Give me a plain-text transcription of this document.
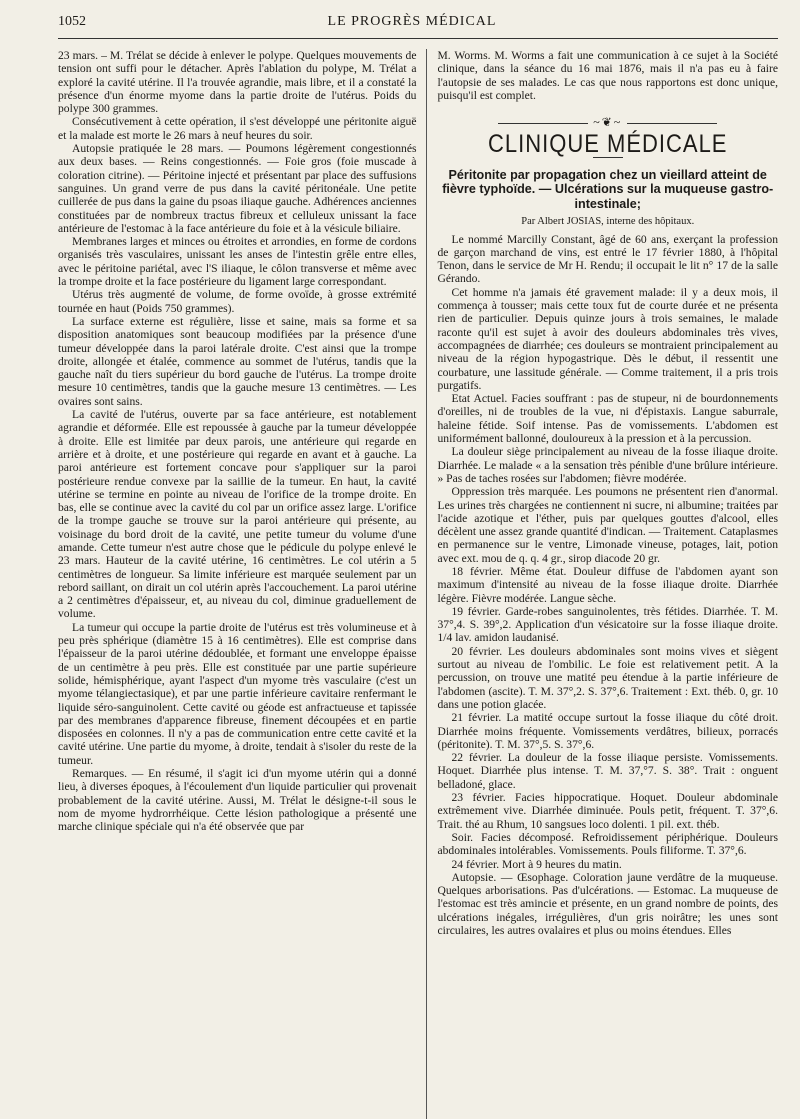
1052	LE PROGRÈS MÉDICAL

23 mars. – M. Trélat se décide à enlever le polype. Quelques mouvements de tension ont suffi pour le détacher. Après l'ablation du polype, M. Trélat a exploré la cavité utérine. Il l'a trouvée agrandie, mais libre, et il a constaté la présence d'un énorme myome dans la partie droite de l'utérus. Poids du polype 300 grammes.

Consécutivement à cette opération, il s'est développé une péritonite aiguë et la malade est morte le 26 mars à neuf heures du soir.

Autopsie pratiquée le 28 mars. — Poumons légèrement congestionnés aux deux bases. — Reins congestionnés. — Foie gros (foie muscade à coloration citrine). — Péritoine injecté et présentant par place des suffusions sanguines. Un grand verre de pus dans la cavité péritonéale. Une petite cuillerée de pus dans la gaine du psoas iliaque gauche. Adhérences anciennes constituées par de nombreux tractus fibreux et celluleux unissant la face antérieure de l'estomac à la face antérieure du foie et à la vésicule biliaire.

Membranes larges et minces ou étroites et arrondies, en forme de cordons organisés très vasculaires, unissant les anses de l'intestin grêle entre elles, avec le péritoine pariétal, avec l'S iliaque, le côlon transverse et même avec la trompe droite et la face postérieure du ligament large correspondant.

Utérus très augmenté de volume, de forme ovoïde, à grosse extrémité tournée en haut (Poids 750 grammes).

La surface externe est régulière, lisse et saine, mais sa forme et sa disposition anatomiques sont beaucoup modifiées par la présence d'une tumeur développée dans la paroi latérale droite. C'est ainsi que la trompe droite, allongée et étalée, commence au sommet de l'utérus, tandis que la gauche naît du tiers supérieur du bord gauche de l'utérus. La trompe droite mesure 10 centimètres, tandis que la gauche mesure 13 centimètres. — Les ovaires sont sains.

La cavité de l'utérus, ouverte par sa face antérieure, est notablement agrandie et déformée. Elle est repoussée à gauche par la tumeur développée à droite. Elle est limitée par deux parois, une antérieure qui regarde en arrière et à droite, et une postérieure qui regarde en avant et à gauche. La paroi antérieure est fortement concave pour s'appliquer sur la paroi postérieure rendue convexe par la saillie de la tumeur. En haut, la cavité utérine se termine en pointe au niveau de l'orifice de la trompe droite. En bas, elle se continue avec la cavité du col par un orifice assez large. L'orifice de la trompe gauche se trouve sur la paroi antérieure qui présente, au voisinage du bord droit de la cavité, une petite tumeur du volume d'une amande. Cette tumeur n'est autre chose que le pédicule du polype enlevé le 23 mars. Hauteur de la cavité utérine, 16 centimètres. Le col utérin a 5 centimètres de longueur. Sa limite inférieure est marquée seulement par un rebord saillant, on dirait un col utérin après l'accouchement. La paroi utérine a 2 centimètres d'épaisseur, et, au niveau du col, diminue graduellement de volume.

La tumeur qui occupe la partie droite de l'utérus est très volumineuse et à peu près sphérique (diamètre 15 à 16 centimètres). Elle est comprise dans l'épaisseur de la paroi utérine dédoublée, et formant une enveloppe épaisse de un centimètre à peu près. Elle est constituée par une partie supérieure solide, hémisphérique, ayant l'aspect d'un myome très vasculaire (c'est un myome télangiectasique), et par une partie inférieure cavitaire renfermant le liquide séro-sanguinolent. Cette cavité ou géode est anfractueuse et tapissée par des membranes d'apparence fibreuse, finement découpées et en partie disposées en colonnes. Il n'y a pas de communication entre cette cavité et la cavité utérine. Une partie du myome, à droite, tendait à s'isoler du reste de la tumeur.

Remarques. — En résumé, il s'agit ici d'un myome utérin qui a donné lieu, à diverses époques, à l'écoulement d'un liquide particulier qui provenait probablement de la cavité utérine. Aussi, M. Trélat le désigne-t-il sous le nom de myome hydrorrhéique. Cette lésion pathologique a présenté une marche clinique spéciale qui n'a été observée que par

M. Worms. M. Worms a fait une communication à ce sujet à la Société clinique, dans la séance du 16 mai 1876, mais il n'a pas eu à faire l'autopsie de ses malades. Le cas que nous rapportons est donc unique, puisqu'il est complet.

~❦~
CLINIQUE MÉDICALE
Péritonite par propagation chez un vieillard atteint de fièvre typhoïde. — Ulcérations sur la muqueuse gastro-intestinale;
Par Albert JOSIAS, interne des hôpitaux.

Le nommé Marcilly Constant, âgé de 60 ans, exerçant la profession de garçon marchand de vins, est entré le 17 février 1880, à l'hôpital Tenon, dans le service de Mr H. Rendu; il occupait le lit n° 17 de la salle Gérando.

Cet homme n'a jamais été gravement malade: il y a deux mois, il commença à tousser; mais cette toux fut de courte durée et ne présenta rien de particulier. Depuis quinze jours à trois semaines, le malade raconte qu'il est sujet à avoir des douleurs abdominales très vives, accompagnées de diarrhée; ces douleurs se montraient principalement au niveau de la région hypogastrique. Dès le début, il ressentit une courbature, une lassitude générale. — Comme traitement, il a pris trois purgatifs.

Etat Actuel. Facies souffrant : pas de stupeur, ni de bourdonnements d'oreilles, ni de troubles de la vue, ni d'épistaxis. Langue saburrale, haleine fétide. Soif intense. Pas de vomissements. L'abdomen est uniformément ballonné, douloureux à la pression et à la percussion.

La douleur siège principalement au niveau de la fosse iliaque droite. Diarrhée. Le malade « a la sensation très pénible d'une brûlure intérieure. » Pas de taches rosées sur l'abdomen; fièvre modérée.

Oppression très marquée. Les poumons ne présentent rien d'anormal. Les urines très chargées ne contiennent ni sucre, ni albumine; traitées par l'acide azotique et l'éther, puis par quelques gouttes d'alcool, elles décèlent une assez grande quantité d'indican. — Traitement. Cataplasmes en permanence sur le ventre, Limonade vineuse, potages, lait, potion avec ext. mou de q. q. 4 gr., sirop diacode 20 gr.

18 février. Même état. Douleur diffuse de l'abdomen ayant son maximum d'intensité au niveau de la fosse iliaque droite. Diarrhée légère. Fièvre modérée. Langue sèche.

19 février. Garde-robes sanguinolentes, très fétides. Diarrhée. T. M. 37°,4. S. 39°,2. Application d'un vésicatoire sur la fosse iliaque droite. 1/4 lav. amidon laudanisé.

20 février. Les douleurs abdominales sont moins vives et siègent surtout au niveau de l'ombilic. Le foie est relativement petit. A la percussion, on trouve une matité peu étendue à la partie inférieure de l'abdomen (ascite). T. M. 37°,2. S. 37°,6. Traitement : Ext. théb. 0, gr. 10 dans une potion glacée.

21 février. La matité occupe surtout la fosse iliaque du côté droit. Diarrhée moins fréquente. Vomissements verdâtres, bilieux, porracés (péritonite). T. M. 37°,5. S. 37°,6.

22 février. La douleur de la fosse iliaque persiste. Vomissements. Hoquet. Diarrhée plus intense. T. M. 37,°7. S. 38°. Trait : onguent belladoné, glace.

23 février. Facies hippocratique. Hoquet. Douleur abdominale extrêmement vive. Diarrhée diminuée. Pouls petit, fréquent. T. 37°,6. Trait. thé au Rhum, 10 sangsues loco dolenti. 1 pil. ext. théb.

Soir. Facies décomposé. Refroidissement périphérique. Douleurs abdominales intolérables. Vomissements. Pouls filiforme. T. 37°,6.

24 février. Mort à 9 heures du matin.

Autopsie. — Œsophage. Coloration jaune verdâtre de la muqueuse. Quelques arborisations. Pas d'ulcérations. — Estomac. La muqueuse de l'estomac est très amincie et présente, en un grand nombre de points, des ulcérations inégales, irrégulières, d'un gris noirâtre; les unes sont circulaires, les autres ovalaires et plus ou moins étendues. Elles
